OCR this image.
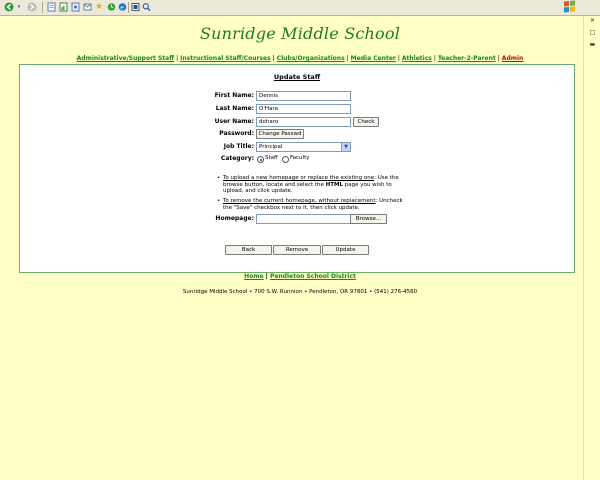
▾	★	e
✕
□
▬
Sunridge Middle School
Administrative/Support Staff | Instructional Staff/Courses | Clubs/Organizations | Media Center | Athletics | Teacher-2-Parent | Admin
Update Staff
First Name: Dennis
Last Name: O'Hara
User Name: doharo	Check
Password: Change Passwd
Job Title: Principal	▼
Category: Staff Faculty
• To upload a new homepage or replace the existing one: Use the browse button, locate and select the HTML page you wish to upload, and click update.
• To remove the current homepage, without replacement: Uncheck the "Save" checkbox next to it, then click update.
Homepage:	Browse...
Back	Remove	Update
Home | Pendleton School District
Sunridge Middle School • 700 S.W. Runnion • Pendleton, OR 97801 • (541) 276-4560
